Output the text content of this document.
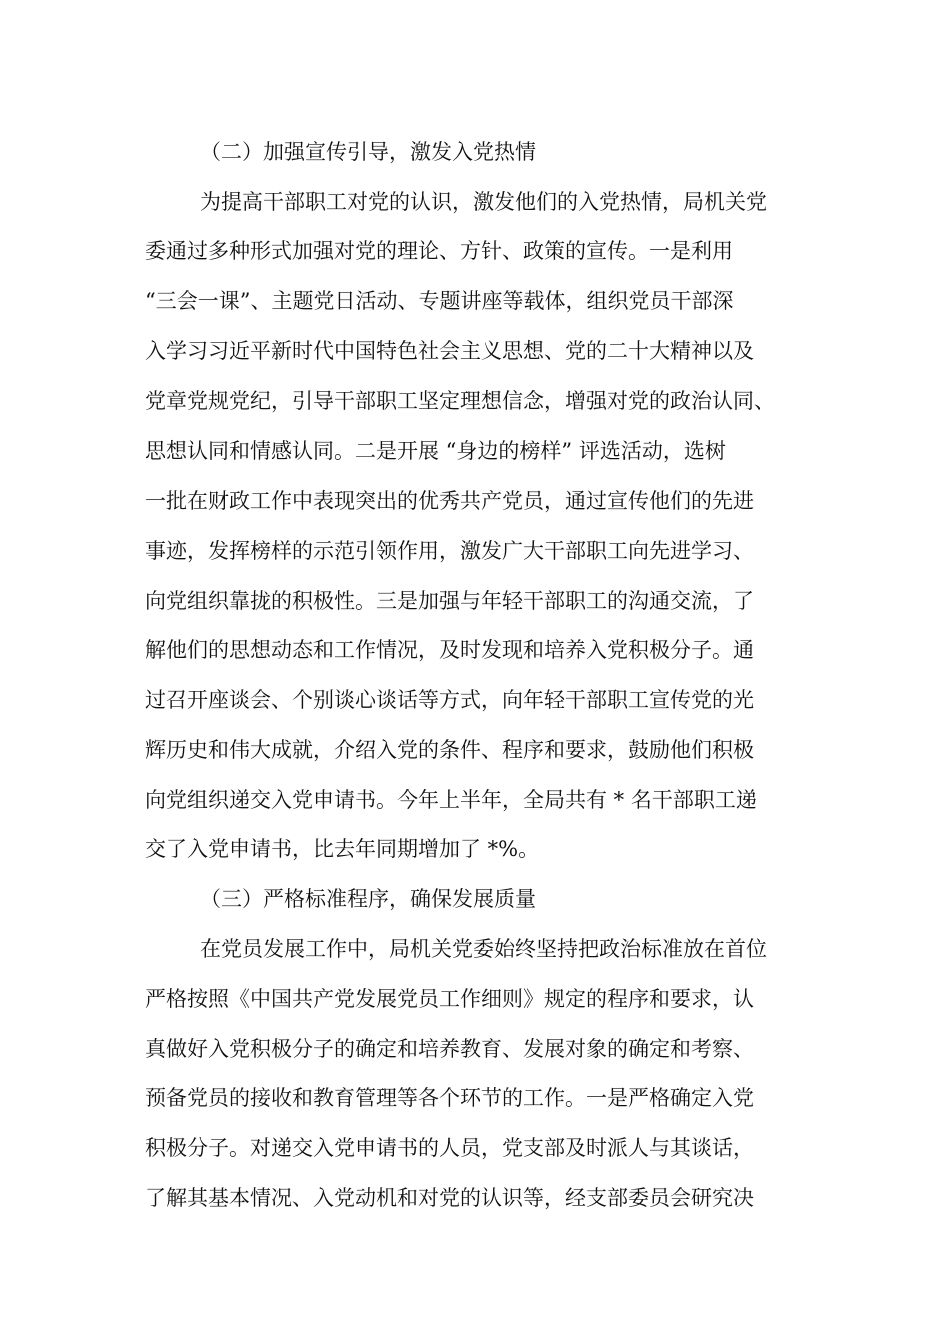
（二）加强宣传引导，激发入党热情
为提高干部职工对党的认识，激发他们的入党热情，局机关党
委通过多种形式加强对党的理论、方针、政策的宣传。一是利用
“三会一课”、主题党日活动、专题讲座等载体，组织党员干部深
入学习习近平新时代中国特色社会主义思想、党的二十大精神以及
党章党规党纪，引导干部职工坚定理想信念，增强对党的政治认同、
思想认同和情感认同。二是开展 “身边的榜样” 评选活动，选树
一批在财政工作中表现突出的优秀共产党员，通过宣传他们的先进
事迹，发挥榜样的示范引领作用，激发广大干部职工向先进学习、
向党组织靠拢的积极性。三是加强与年轻干部职工的沟通交流，了
解他们的思想动态和工作情况，及时发现和培养入党积极分子。通
过召开座谈会、个别谈心谈话等方式，向年轻干部职工宣传党的光
辉历史和伟大成就，介绍入党的条件、程序和要求，鼓励他们积极
向党组织递交入党申请书。今年上半年，全局共有 * 名干部职工递
交了入党申请书，比去年同期增加了 *%。
（三）严格标准程序，确保发展质量
在党员发展工作中，局机关党委始终坚持把政治标准放在首位
严格按照《中国共产党发展党员工作细则》规定的程序和要求，认
真做好入党积极分子的确定和培养教育、发展对象的确定和考察、
预备党员的接收和教育管理等各个环节的工作。一是严格确定入党
积极分子。对递交入党申请书的人员，党支部及时派人与其谈话，
了解其基本情况、入党动机和对党的认识等，经支部委员会研究决
